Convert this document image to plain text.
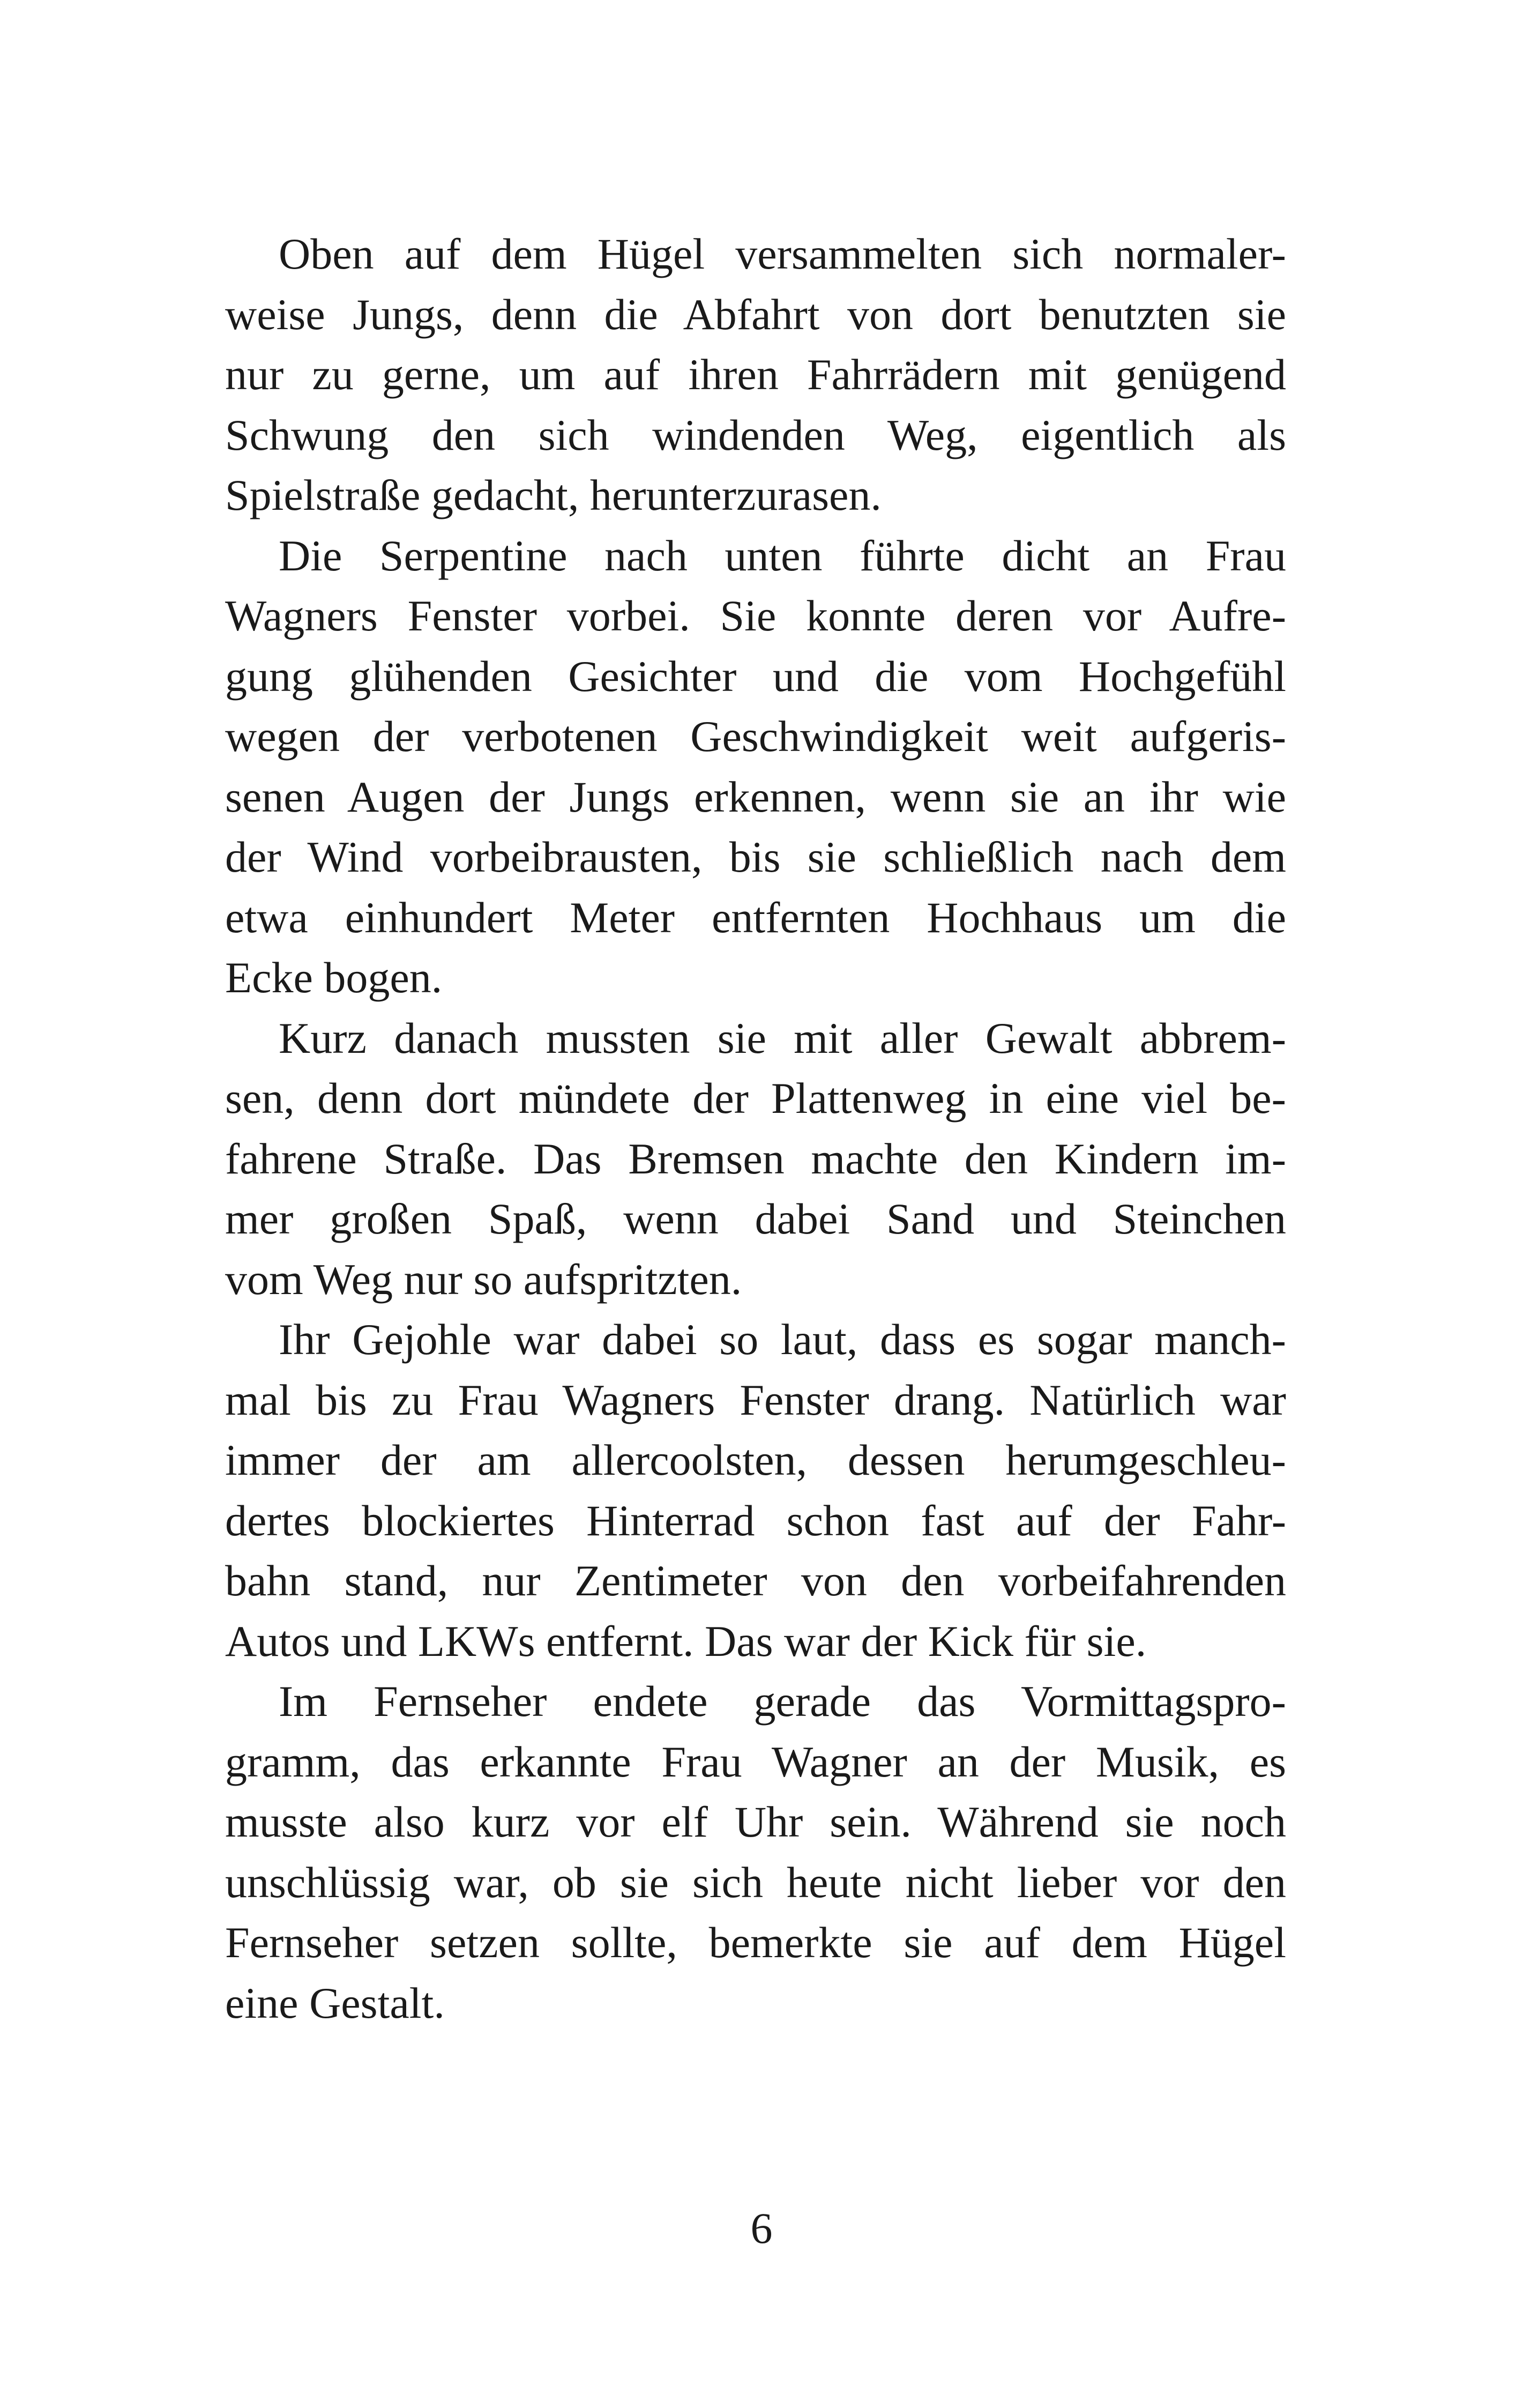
Oben auf dem Hügel versammelten sich normaler-
weise Jungs, denn die Abfahrt von dort benutzten sie
nur zu gerne, um auf ihren Fahrrädern mit genügend
Schwung den sich windenden Weg, eigentlich als
Spielstraße gedacht, herunterzurasen.

Die Serpentine nach unten führte dicht an Frau
Wagners Fenster vorbei. Sie konnte deren vor Aufre-
gung glühenden Gesichter und die vom Hochgefühl
wegen der verbotenen Geschwindigkeit weit aufgeris-
senen Augen der Jungs erkennen, wenn sie an ihr wie
der Wind vorbeibrausten, bis sie schließlich nach dem
etwa einhundert Meter entfernten Hochhaus um die
Ecke bogen.

Kurz danach mussten sie mit aller Gewalt abbrem-
sen, denn dort mündete der Plattenweg in eine viel be-
fahrene Straße. Das Bremsen machte den Kindern im-
mer großen Spaß, wenn dabei Sand und Steinchen
vom Weg nur so aufspritzten.

Ihr Gejohle war dabei so laut, dass es sogar manch-
mal bis zu Frau Wagners Fenster drang. Natürlich war
immer der am allercoolsten, dessen herumgeschleu-
dertes blockiertes Hinterrad schon fast auf der Fahr-
bahn stand, nur Zentimeter von den vorbeifahrenden
Autos und LKWs entfernt. Das war der Kick für sie.

Im Fernseher endete gerade das Vormittagspro-
gramm, das erkannte Frau Wagner an der Musik, es
musste also kurz vor elf Uhr sein. Während sie noch
unschlüssig war, ob sie sich heute nicht lieber vor den
Fernseher setzen sollte, bemerkte sie auf dem Hügel
eine Gestalt.

6
